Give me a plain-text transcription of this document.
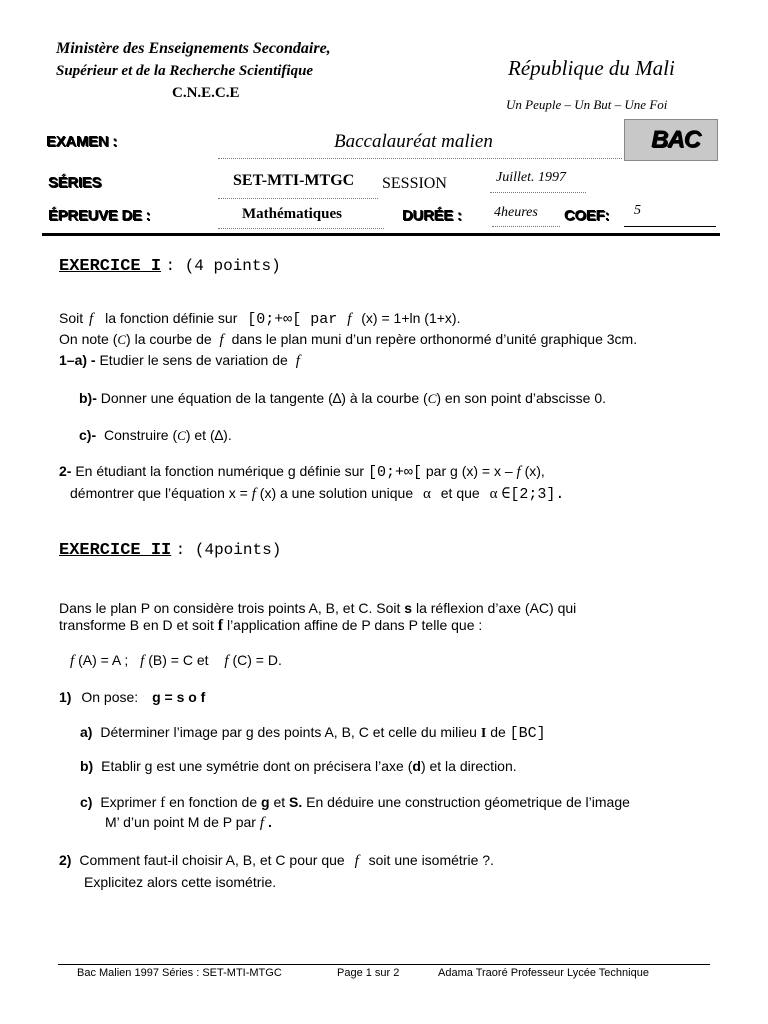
Ministère des Enseignements Secondaire,
Supérieur et de la Recherche Scientifique
C.N.E.C.E
République du Mali
Un Peuple – Un But – Une Foi
EXAMEN :	Baccalauréat malien	BAC
SÉRIES	SET-MTI-MTGC SESSION	Juillet. 1997
ÉPREUVE DE :	Mathématiques	DURÉE : 4heures COEF: 5
EXERCICE I : (4 points)
Soit f la fonction définie sur [0;+∞[ par f (x) = 1+ln (1+x).
On note (C) la courbe de f dans le plan muni d’un repère orthonormé d’unité graphique 3cm.
1–a) - Etudier le sens de variation de f
b)- Donner une équation de la tangente (∆) à la courbe (C) en son point d’abscisse 0.
c)- Construire (C) et (∆).
2- En étudiant la fonction numérique g définie sur [0;+∞[ par g (x) = x – f (x),
démontrer que l’équation x = f (x) a une solution unique α et que α ∈[2;3].
EXERCICE II : (4points)
Dans le plan P on considère trois points A, B, et C. Soit s la réflexion d’axe (AC) qui
transforme B en D et soit f l’application affine de P dans P telle que :
f (A) = A ; f (B) = C et f (C) = D.
1) On pose: g = s o f
a) Déterminer l’image par g des points A, B, C et celle du milieu I de [BC]
b) Etablir g est une symétrie dont on précisera l’axe (d) et la direction.
c) Exprimer f en fonction de g et S. En déduire une construction géometrique de l’image
M’ d’un point M de P par f .
2) Comment faut-il choisir A, B, et C pour que f soit une isométrie ?.
Explicitez alors cette isométrie.
Bac Malien 1997 Séries : SET-MTI-MTGC	Page 1 sur 2	Adama Traoré Professeur Lycée Technique
